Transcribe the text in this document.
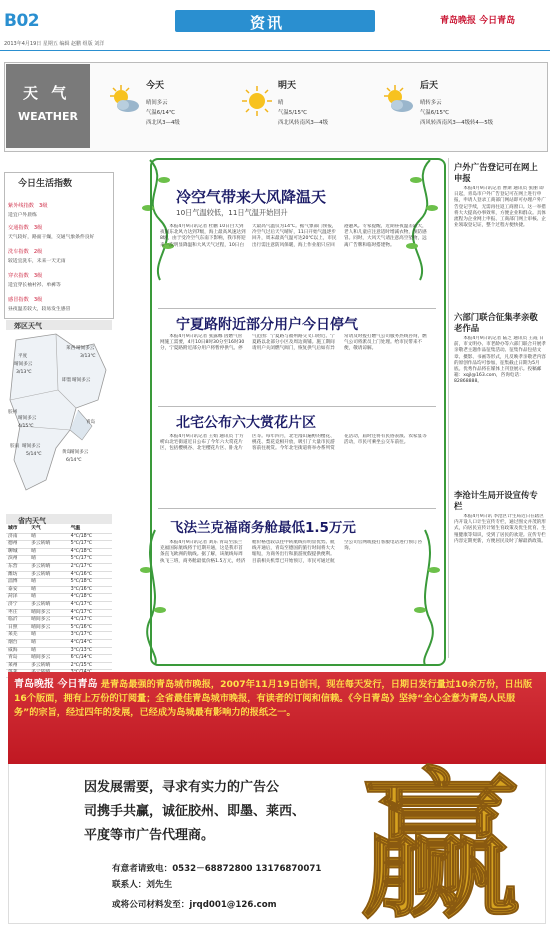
B02	资讯	青岛晚报 今日青岛
2013年4月19日 星期五 编辑 赵鹏 组版 刘洋
天 气
WEATHER
今天
晴间多云
气温6/14℃
西北风3—4级
明天
晴
气温5/15℃
西北风转南风3—4级
后天
晴转多云
气温6/15℃
西风转西南风3—4级转4—5级
今日生活指数
紫外线指数 3级
适宜户外晨练
交通指数 3级
天气较好，路面干燥，交通气象条件良好
洗车指数 2级
较适宜洗车，未来一天无雨
穿衣指数 3级
适宜穿长袖衬衫、单裤等
感冒指数 3级
昼夜温差较大，较易发生感冒
郊区天气
平度
晴间多云
3/13℃
莱西 晴间多云
3/13℃
即墨 晴间多云
胶州
晴间多云
4/15℃
青岛
胶南 晴间多云
5/14℃	黄岛
晴间多云
6/14℃
省内天气
城市	天气	气温
济南	晴	4℃/18℃
德州	多云转晴	5℃/17℃
聊城	晴	4℃/18℃
滨州	晴	5℃/17℃
东营	多云转晴	2℃/17℃
潍坊	多云转晴	4℃/16℃
淄博	晴	5℃/18℃
泰安	晴	3℃/16℃
菏泽	晴	4℃/18℃
济宁	多云转晴	4℃/17℃
枣庄	晴间多云	4℃/17℃
临沂	晴间多云	4℃/17℃
日照	晴间多云	5℃/16℃
莱芜	晴	3℃/17℃
烟台	晴	4℃/14℃
威海	晴	3℃/13℃
青岛	晴间多云	6℃/14℃
莱州	多云转晴	2℃/15℃

冷空气带来大风降温天
10日气温较低，11日气温开始回升

本报4月9日讯记者 杜鹏 10日白天到夜间东北风力达到7级，海上最高风速达到8级，由于受冷空气东南下影响，我市将迎来一次明显降温和大风天气过程，10日白天最高气温仅为14℃。据气象部门预报，冷空气过后天气晴好，11日开始气温逐步回升，周末最高气温可达20℃以上，市民出行需注意防风保暖，海上作业船只应回港避风。专家提醒，近期昼夜温差较大，老人和儿童应注意适时增减衣物，预防感冒。同时，大风天气请注意高空坠物，远离广告牌和临时搭建物。

宁夏路附近部分用户今日停气

本报4月9日讯记者 张露娜 因燃气管网施工需要，4月10日8时30分至16时30分，宁夏路附近部分用户将暂停供气。停气范围：宁夏路与福州路交叉口附近、宁夏路以北部分小区及周边商铺。施工期间请用户关闭燃气阀门，恢复供气后如有异常请及时拨打燃气公司服务热线咨询，燃气公司将派员上门处理。给市民带来不便，敬请谅解。

北宅公布六大赏花片区

本报4月9日讯记者 王娟 通讯员 于方 崂山北宅街道近日公布了今年六大赏花片区，包括樱桃谷、北宅樱花片区、卧龙片区等。每年四月，北宅漫山遍野的樱花、桃花、梨花竞相开放，吸引了大量市民游客前往观赏。今年北宅街道将举办系列赏花活动，届时还将有民俗表演、农家宴等活动，市民可乘坐公交车前往。

飞法兰克福商务舱最低1.5万元

本报4月9日讯记者 刘东 青岛至法兰克福国际航线将于近期开通，这是我市首条直飞欧洲的航线。据了解，该航线每周执飞三班，商务舱最低价格1.5万元，经济舱价格也较以往中转航线有明显优势。航线开通后，青岛至德国的旅行时间将大大缩短，为商务出行和旅游度假提供便利。目前相关机票已开始预订，市民可通过航空公司官网或拨打客服电话进行预订咨询。

户外广告登记可在网上申报

本报4月9日讯记者 曹斯 通讯员 张丽 即日起，青岛市户外广告登记可在网上进行申报，申请人登录工商部门网站即可办理户外广告登记手续，无需再往返工商窗口。这一举措将大大提高办事效率，方便企业和群众。具体流程为企业网上申报、工商部门网上审核、企业领取登记证，整个过程方便快捷。

六部门联合征集孝亲敬老作品

本报4月9日讯记者 陆芝 通讯员 王霞 日前，市文明办、市老龄办等六部门联合开展孝亲敬老主题作品征集活动。征集作品包括文章、摄影、书画等形式，凡反映孝亲敬老内容的原创作品均可参加，征集截止日期为5月底。优秀作品将在媒体上刊登展示。投稿邮箱：xqjl@163.com，咨询电话：82868888。

李沧计生局开设宣传专栏

本报4月9日讯 李沧区计生局近日在辖区内开设人口计生宣传专栏，通过图文并茂的形式，向居民宣传计划生育政策及优生优育、生殖健康等知识，受到了居民的欢迎。宣传专栏内容定期更新，方便居民及时了解最新政策。

青岛晚报 今日青岛 是青岛最强的青岛城市晚报，2007年11月19日创刊，现在每天发行，日期日发行量过10余万份，日出版16个版面，拥有上万份的订阅量；全省最佳青岛城市晚报，有读者的订阅和信赖。《今日青岛》坚持“全心全意为青岛人民服务”的宗旨，经过四年的发展，已经成为岛城最有影响力的报纸之一。
赢
因发展需要，寻求有实力的广告公
司携手共赢，诚征胶州、即墨、莱西、
平度等市广告代理商。
有意者请致电：0532－68872800 13176870071
联系人：刘先生
或将公司材料发至：jrqd001@126.com
